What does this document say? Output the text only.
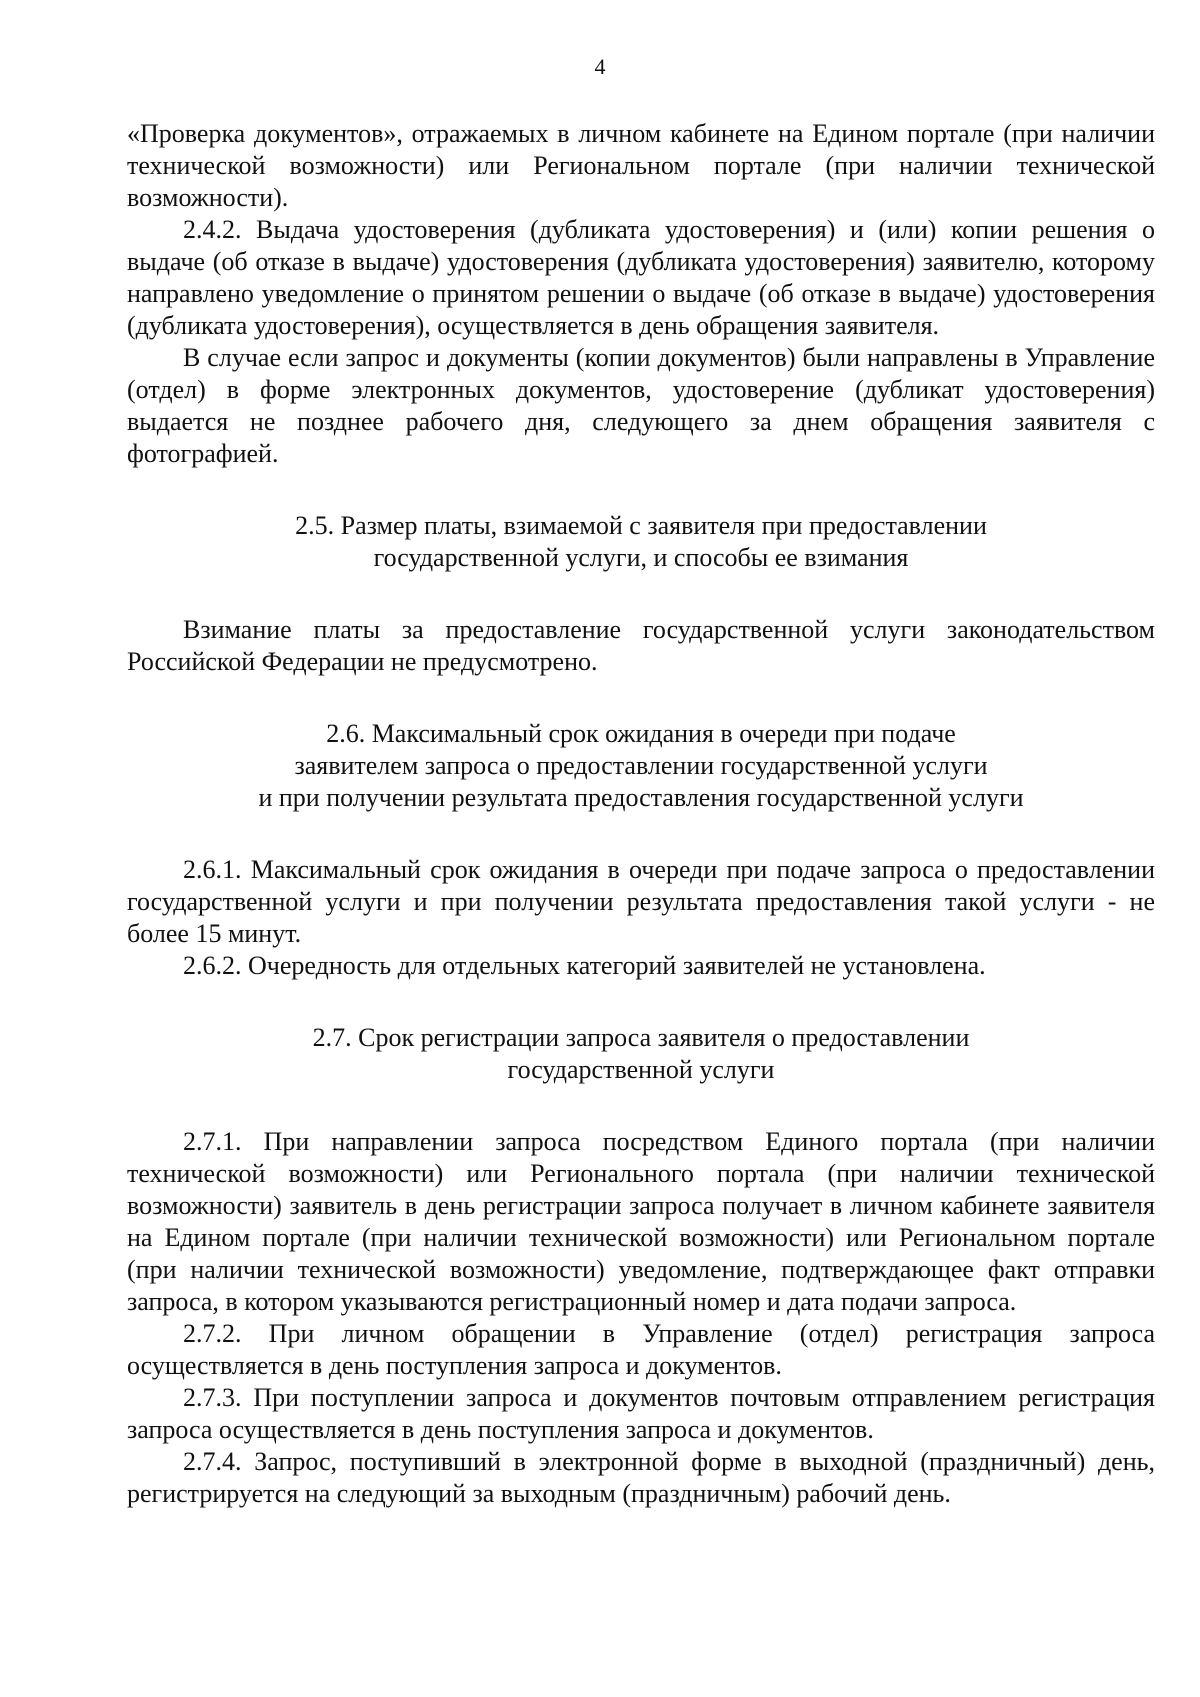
4

«Проверка документов», отражаемых в личном кабинете на Едином портале (при наличии технической возможности) или Региональном портале (при наличии технической возможности).

2.4.2. Выдача удостоверения (дубликата удостоверения) и (или) копии решения о выдаче (об отказе в выдаче) удостоверения (дубликата удостоверения) заявителю, которому направлено уведомление о принятом решении о выдаче (об отказе в выдаче) удостоверения (дубликата удостоверения), осуществляется в день обращения заявителя.

В случае если запрос и документы (копии документов) были направлены в Управление (отдел) в форме электронных документов, удостоверение (дубликат удостоверения) выдается не позднее рабочего дня, следующего за днем обращения заявителя с фотографией.

2.5. Размер платы, взимаемой с заявителя при предоставлении
государственной услуги, и способы ее взимания

Взимание платы за предоставление государственной услуги законодательством Российской Федерации не предусмотрено.

2.6. Максимальный срок ожидания в очереди при подаче
заявителем запроса о предоставлении государственной услуги
и при получении результата предоставления государственной услуги

2.6.1. Максимальный срок ожидания в очереди при подаче запроса о предоставлении государственной услуги и при получении результата предоставления такой услуги - не более 15 минут.

2.6.2. Очередность для отдельных категорий заявителей не установлена.

2.7. Срок регистрации запроса заявителя о предоставлении
государственной услуги

2.7.1. При направлении запроса посредством Единого портала (при наличии технической возможности) или Регионального портала (при наличии технической возможности) заявитель в день регистрации запроса получает в личном кабинете заявителя на Едином портале (при наличии технической возможности) или Региональном портале (при наличии технической возможности) уведомление, подтверждающее факт отправки запроса, в котором указываются регистрационный номер и дата подачи запроса.

2.7.2. При личном обращении в Управление (отдел) регистрация запроса осуществляется в день поступления запроса и документов.

2.7.3. При поступлении запроса и документов почтовым отправлением регистрация запроса осуществляется в день поступления запроса и документов.

2.7.4. Запрос, поступивший в электронной форме в выходной (праздничный) день, регистрируется на следующий за выходным (праздничным) рабочий день.
